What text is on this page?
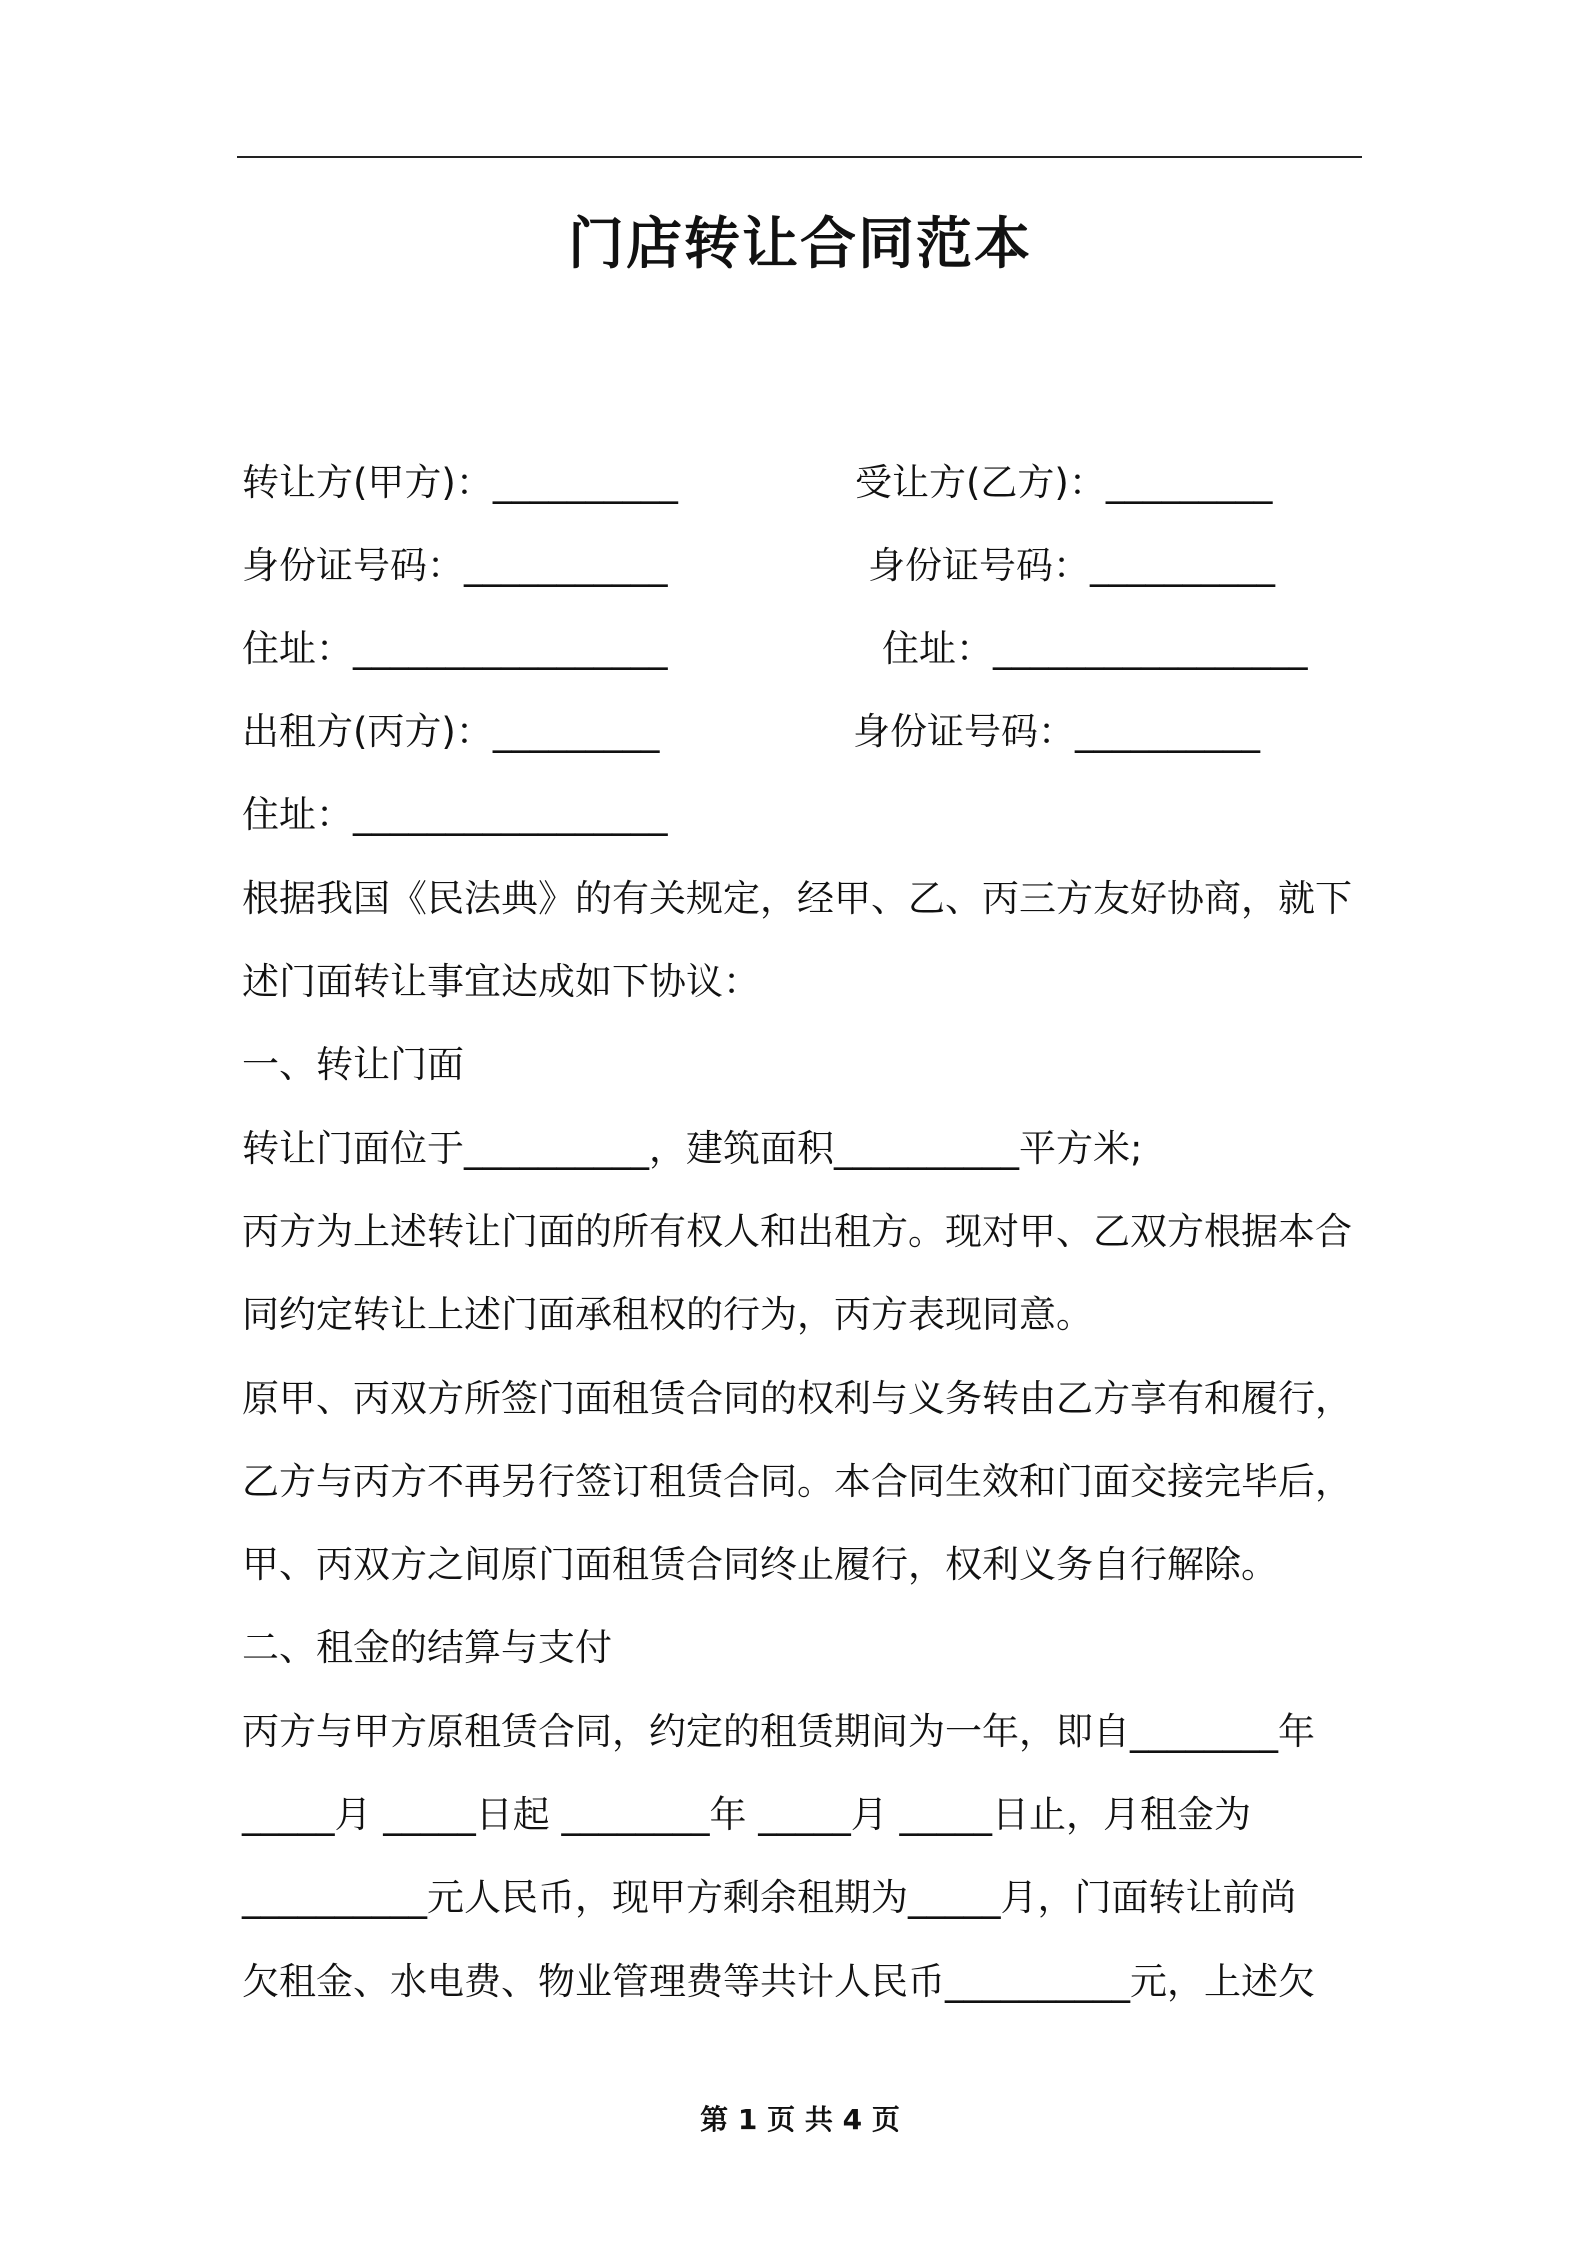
门店转让合同范本
转让方(甲方)：__________	受让方(乙方)：_________
身份证号码：___________	身份证号码：__________
住址：_________________	住址：_________________
出租方(丙方)：_________	身份证号码：__________
住址：_________________
根据我国《民法典》的有关规定，经甲、乙、丙三方友好协商，就下
述门面转让事宜达成如下协议：
一、转让门面
转让门面位于__________，建筑面积__________平方米;
丙方为上述转让门面的所有权人和出租方。现对甲、乙双方根据本合
同约定转让上述门面承租权的行为，丙方表现同意。
原甲、丙双方所签门面租赁合同的权利与义务转由乙方享有和履行，
乙方与丙方不再另行签订租赁合同。本合同生效和门面交接完毕后，
甲、丙双方之间原门面租赁合同终止履行，权利义务自行解除。
二、租金的结算与支付
丙方与甲方原租赁合同，约定的租赁期间为一年，即自________年
_____月 _____日起 ________年 _____月 _____日止，月租金为
__________元人民币，现甲方剩余租期为_____月，门面转让前尚
欠租金、水电费、物业管理费等共计人民币__________元，上述欠
第 1 页 共 4 页
